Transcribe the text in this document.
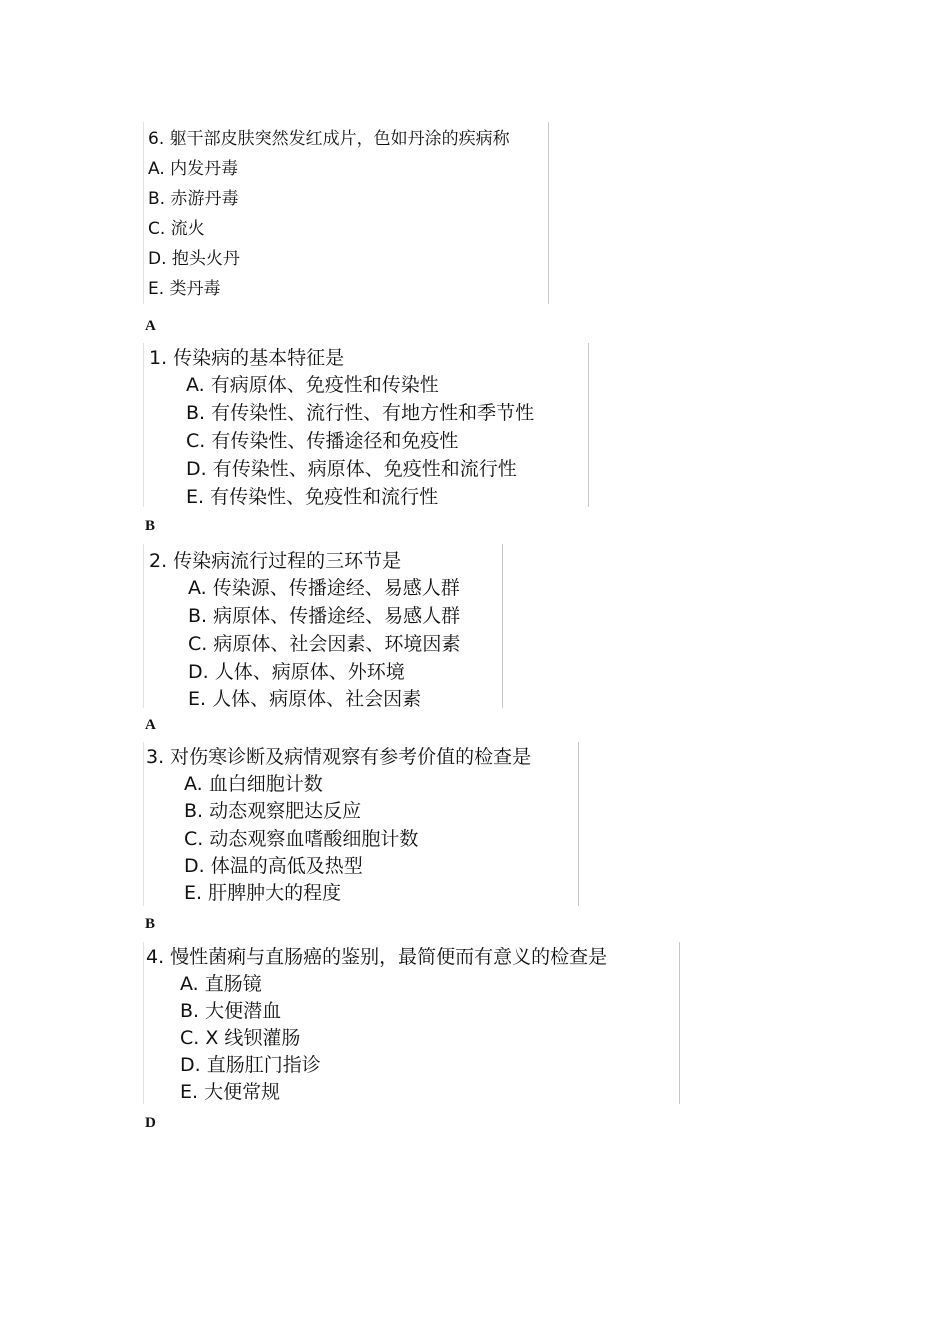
6. 躯干部皮肤突然发红成片，色如丹涂的疾病称
A. 内发丹毒
B. 赤游丹毒
C. 流火
D. 抱头火丹
E. 类丹毒
A
1. 传染病的基本特征是
A. 有病原体、免疫性和传染性
B. 有传染性、流行性、有地方性和季节性
C. 有传染性、传播途径和免疫性
D. 有传染性、病原体、免疫性和流行性
E. 有传染性、免疫性和流行性
B
2. 传染病流行过程的三环节是
A. 传染源、传播途经、易感人群
B. 病原体、传播途经、易感人群
C. 病原体、社会因素、环境因素
D. 人体、病原体、外环境
E. 人体、病原体、社会因素
A
3. 对伤寒诊断及病情观察有参考价值的检查是
A. 血白细胞计数
B. 动态观察肥达反应
C. 动态观察血嗜酸细胞计数
D. 体温的高低及热型
E. 肝脾肿大的程度
B
4. 慢性菌痢与直肠癌的鉴别，最简便而有意义的检查是
A. 直肠镜
B. 大便潜血
C. X 线钡灌肠
D. 直肠肛门指诊
E. 大便常规
D
